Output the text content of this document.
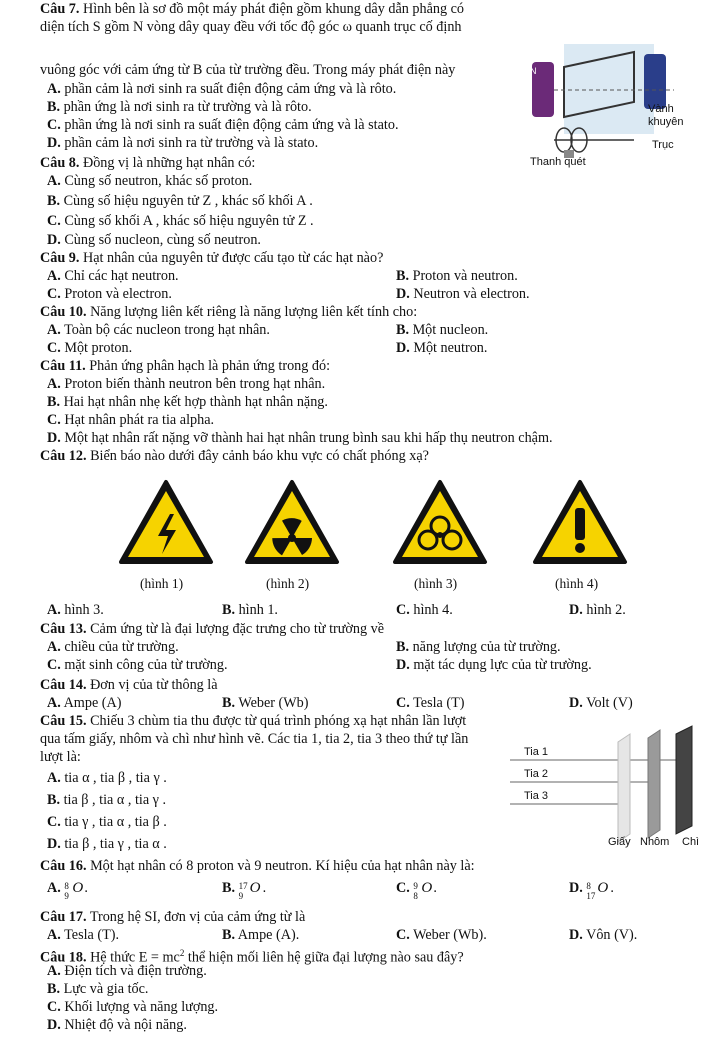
Câu 7. Hình bên là sơ đồ một máy phát điện gồm khung dây dẫn phẳng có
diện tích S gồm N vòng dây quay đều với tốc độ góc ω quanh trục cố định
vuông góc với cảm ứng từ B của từ trường đều. Trong máy phát điện này
A. phần cảm là nơi sinh ra suất điện động cảm ứng và là rôto.
B. phần ứng là nơi sinh ra từ trường và là rôto.
C. phần ứng là nơi sinh ra suất điện động cảm ứng và là stato.
D. phần cảm là nơi sinh ra từ trường và là stato.
N
Vành
khuyên
Trục
Thanh quét
Câu 8. Đồng vị là những hạt nhân có:
A. Cùng số neutron, khác số proton.
B. Cùng số hiệu nguyên tử Z , khác số khối A .
C. Cùng số khối A , khác số hiệu nguyên tử Z .
D. Cùng số nucleon, cùng số neutron.
Câu 9. Hạt nhân của nguyên tử được cấu tạo từ các hạt nào?
A. Chỉ các hạt neutron.	B. Proton và neutron.
C. Proton và electron.	D. Neutron và electron.
Câu 10. Năng lượng liên kết riêng là năng lượng liên kết tính cho:
A. Toàn bộ các nucleon trong hạt nhân.	B. Một nucleon.
C. Một proton.	D. Một neutron.
Câu 11. Phản ứng phân hạch là phản ứng trong đó:
A. Proton biến thành neutron bên trong hạt nhân.
B. Hai hạt nhân nhẹ kết hợp thành hạt nhân nặng.
C. Hạt nhân phát ra tia alpha.
D. Một hạt nhân rất nặng vỡ thành hai hạt nhân trung bình sau khi hấp thụ neutron chậm.
Câu 12. Biển báo nào dưới đây cảnh báo khu vực có chất phóng xạ?
(hình 1)	(hình 2)	(hình 3)	(hình 4)
A. hình 3.	B. hình 1.	C. hình 4.	D. hình 2.
Câu 13. Cảm ứng từ là đại lượng đặc trưng cho từ trường về
A. chiều của từ trường.	B. năng lượng của từ trường.
C. mặt sinh công của từ trường.	D. mặt tác dụng lực của từ trường.
Câu 14. Đơn vị của từ thông là
A. Ampe (A)	B. Weber (Wb)	C. Tesla (T)	D. Volt (V)
Câu 15. Chiếu 3 chùm tia thu được từ quá trình phóng xạ hạt nhân lần lượt
qua tấm giấy, nhôm và chì như hình vẽ. Các tia 1, tia 2, tia 3 theo thứ tự lần
lượt là:
A. tia α , tia β , tia γ .
B. tia β , tia α , tia γ .
C. tia γ , tia α , tia β .
D. tia β , tia γ , tia α .
Tia 1
Tia 2
Tia 3
Giấy Nhôm Chì
Câu 16. Một hạt nhân có 8 proton và 9 neutron. Kí hiệu của hạt nhân này là:
A. 8
9 O .	B. 17
9 O .	C. 9
8 O .	D. 8
17 O .
Câu 17. Trong hệ SI, đơn vị của cảm ứng từ là
A. Tesla (T).	B. Ampe (A).	C. Weber (Wb).	D. Vôn (V).
Câu 18. Hệ thức $E = mc^2$ thể hiện mối liên hệ giữa đại lượng nào sau đây?
A. Điện tích và điện trường.
B. Lực và gia tốc.
C. Khối lượng và năng lượng.
D. Nhiệt độ và nội năng.
